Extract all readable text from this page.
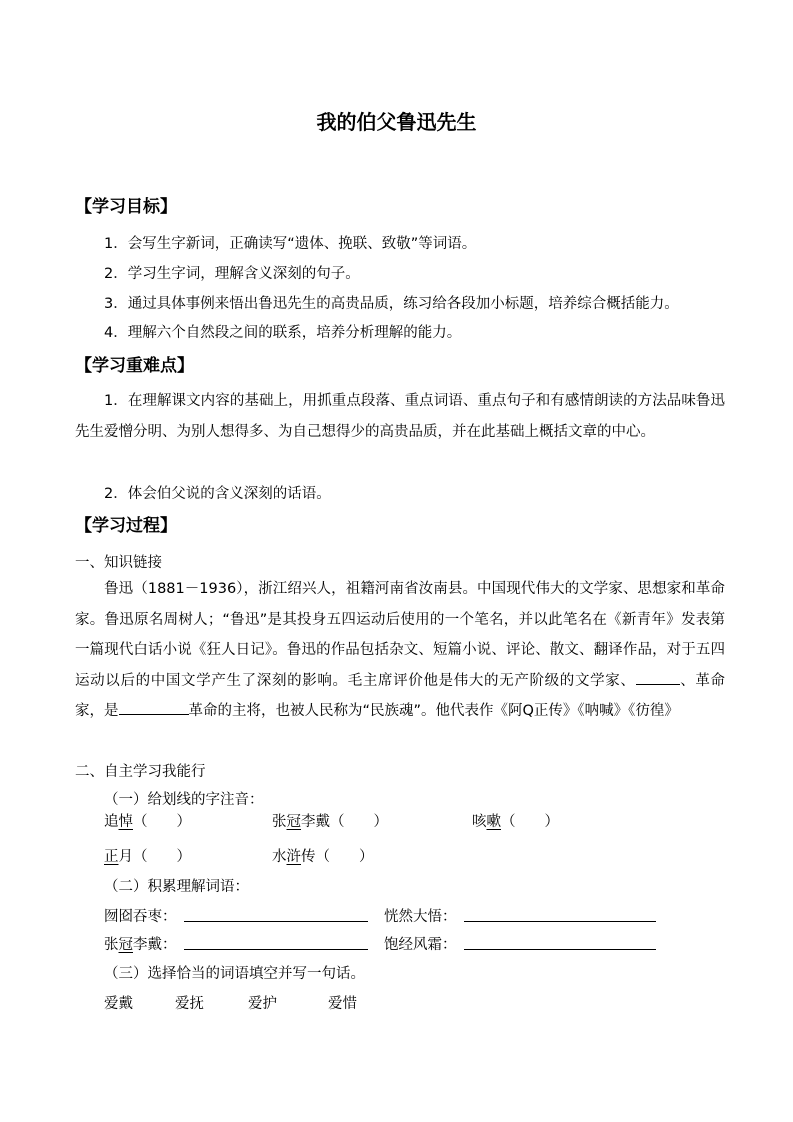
我的伯父鲁迅先生
【学习目标】
1．会写生字新词，正确读写“遗体、挽联、致敬”等词语。
2．学习生字词，理解含义深刻的句子。
3．通过具体事例来悟出鲁迅先生的高贵品质，练习给各段加小标题，培养综合概括能力。
4．理解六个自然段之间的联系，培养分析理解的能力。
【学习重难点】
1．在理解课文内容的基础上，用抓重点段落、重点词语、重点句子和有感情朗读的方法品味鲁迅先生爱憎分明、为别人想得多、为自己想得少的高贵品质，并在此基础上概括文章的中心。
2．体会伯父说的含义深刻的话语。
【学习过程】
一、知识链接
鲁迅（1881－1936），浙江绍兴人，祖籍河南省汝南县。中国现代伟大的文学家、思想家和革命家。鲁迅原名周树人；“鲁迅”是其投身五四运动后使用的一个笔名，并以此笔名在《新青年》发表第一篇现代白话小说《狂人日记》。鲁迅的作品包括杂文、短篇小说、评论、散文、翻译作品，对于五四运动以后的中国文学产生了深刻的影响。毛主席评价他是伟大的无产阶级的文学家、	、革命家，是	革命的主将，也被人民称为“民族魂”。他代表作《阿Q正传》《呐喊》《彷徨》
二、自主学习我能行
（一）给划线的字注音：
追悼（　　）	张冠李戴（　　）	咳嗽（　　）
正月（　　）	水浒传（　　）
（二）积累理解词语：
囫囵吞枣：	恍然大悟：
张冠李戴：	饱经风霜：
（三）选择恰当的词语填空并写一句话。
爱戴	爱抚	爱护	爱惜
